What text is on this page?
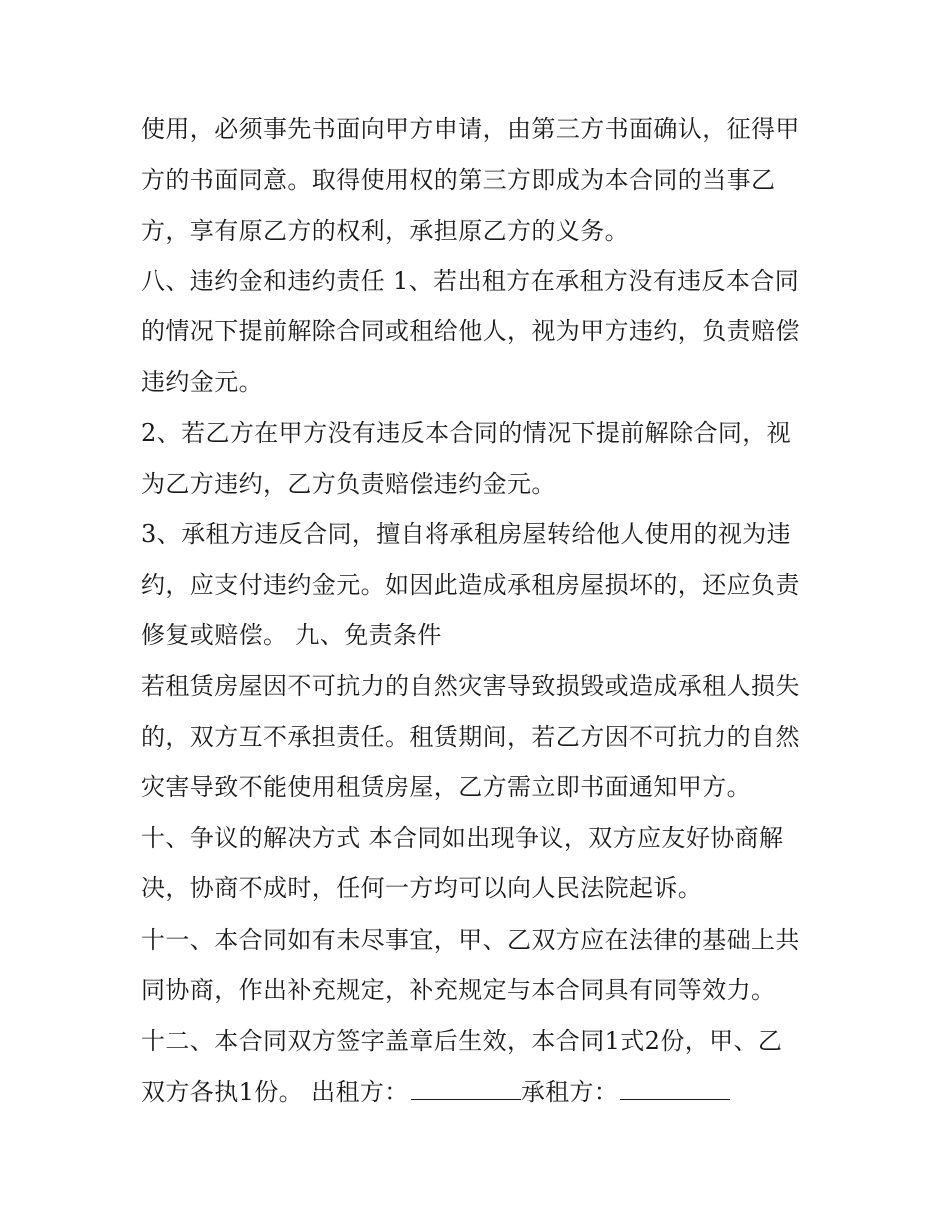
使用，必须事先书面向甲方申请，由第三方书面确认，征得甲
方的书面同意。取得使用权的第三方即成为本合同的当事乙
方，享有原乙方的权利，承担原乙方的义务。
八、违约金和违约责任 1、若出租方在承租方没有违反本合同
的情况下提前解除合同或租给他人，视为甲方违约，负责赔偿
违约金元。
2、若乙方在甲方没有违反本合同的情况下提前解除合同，视
为乙方违约，乙方负责赔偿违约金元。
3、承租方违反合同，擅自将承租房屋转给他人使用的视为违
约，应支付违约金元。如因此造成承租房屋损坏的，还应负责
修复或赔偿。 九、免责条件
若租赁房屋因不可抗力的自然灾害导致损毁或造成承租人损失
的，双方互不承担责任。租赁期间，若乙方因不可抗力的自然
灾害导致不能使用租赁房屋，乙方需立即书面通知甲方。
十、争议的解决方式 本合同如出现争议，双方应友好协商解
决，协商不成时，任何一方均可以向人民法院起诉。
十一、本合同如有未尽事宜，甲、乙双方应在法律的基础上共
同协商，作出补充规定，补充规定与本合同具有同等效力。
十二、本合同双方签字盖章后生效，本合同1式2份，甲、乙
双方各执1份。 出租方：	承租方：
